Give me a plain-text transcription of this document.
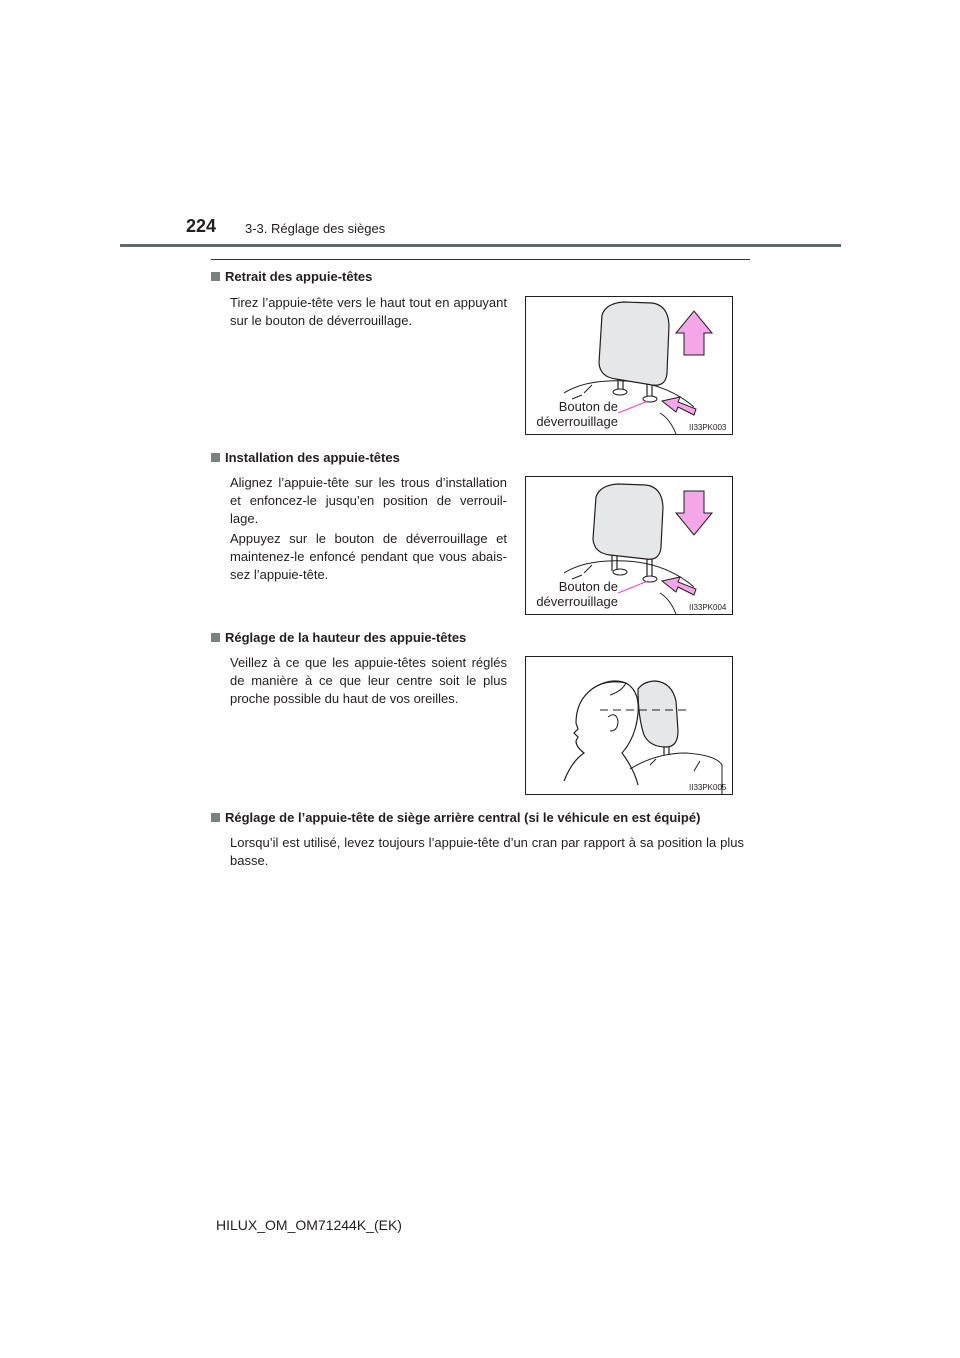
224 3-3. Réglage des sièges
Retrait des appuie-têtes
Tirez l’appuie-tête vers le haut tout en appuyant sur le bouton de déverrouillage.
Bouton de
déverrouillage	II33PK003
Installation des appuie-têtes
Alignez l’appuie-tête sur les trous d’installation et enfoncez-le jusqu’en position de verrouil-lage.
Appuyez sur le bouton de déverrouillage et maintenez-le enfoncé pendant que vous abais-sez l’appuie-tête.
Bouton de
déverrouillage	II33PK004
Réglage de la hauteur des appuie-têtes
Veillez à ce que les appuie-têtes soient réglés de manière à ce que leur centre soit le plus proche possible du haut de vos oreilles.
II33PK005
Réglage de l’appuie-tête de siège arrière central (si le véhicule en est équipé)
Lorsqu’il est utilisé, levez toujours l’appuie-tête d’un cran par rapport à sa position la plus basse.
HILUX_OM_OM71244K_(EK)
